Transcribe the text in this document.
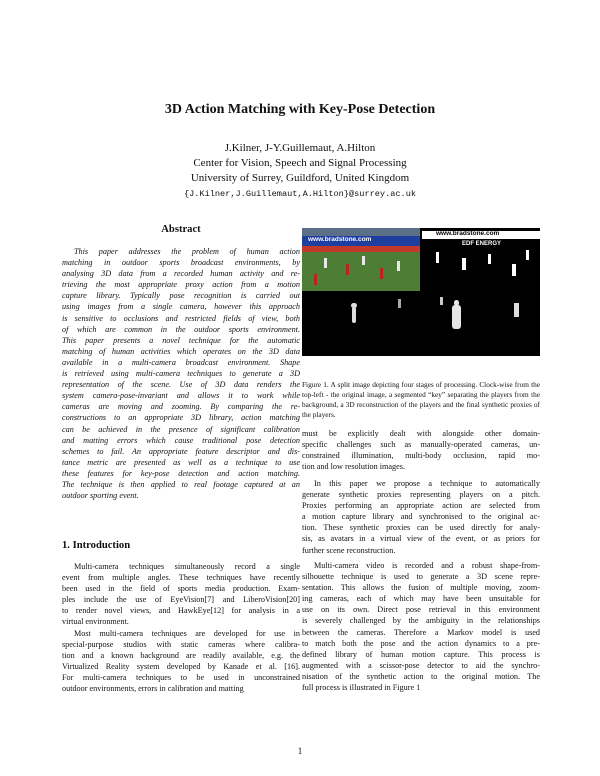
3D Action Matching with Key-Pose Detection
J.Kilner, J-Y.Guillemaut, A.Hilton
Center for Vision, Speech and Signal Processing
University of Surrey, Guildford, United Kingdom
{J.Kilner,J.Guillemaut,A.Hilton}@surrey.ac.uk
Abstract
This paper addresses the problem of human action
matching in outdoor sports broadcast environments, by
analysing 3D data from a recorded human activity and re-
trieving the most appropriate proxy action from a motion
capture library. Typically pose recognition is carried out
using images from a single camera, however this approach
is sensitive to occlusions and restricted fields of view, both
of which are common in the outdoor sports environment.
This paper presents a novel technique for the automatic
matching of human activities which operates on the 3D data
available in a multi-camera broadcast environment. Shape
is retrieved using multi-camera techniques to generate a 3D
representation of the scene. Use of 3D data renders the
system camera-pose-invariant and allows it to work while
cameras are moving and zooming. By comparing the re-
constructions to an appropriate 3D library, action matching
can be achieved in the presence of significant calibration
and matting errors which cause traditional pose detection
schemes to fail. An appropriate feature descriptor and dis-
tance metric are presented as well as a technique to use
these features for key-pose detection and action matching.
The technique is then applied to real footage captured at an
outdoor sporting event.
1. Introduction
Multi-camera techniques simultaneously record a single
event from multiple angles. These techniques have recently
been used in the field of sports media production. Exam-
ples include the use of EyeVision[7] and LiberoVision[20]
to render novel views, and HawkEye[12] for analysis in a
virtual environment.
Most multi-camera techniques are developed for use in
special-purpose studios with static cameras where calibra-
tion and a known background are readily available, e.g. the
Virtualized Reality system developed by Kanade et al. [16].
For multi-camera techniques to be used in unconstrained
outdoor environments, errors in calibration and matting
www.bradstone.com
www.bradstone.com
EDF ENERGY
Figure 1. A split image depicting four stages of processing. Clock-wise from the top-left - the original image, a segmented “key” separating the players from the background, a 3D reconstruction of the players and the final synthetic proxies of the players.
must be explicitly dealt with alongside other domain-
specific challenges such as manually-operated cameras, un-
constrained illumination, multi-body occlusion, rapid mo-
tion and low resolution images.
In this paper we propose a technique to automatically
generate synthetic proxies representing players on a pitch.
Proxies performing an appropriate action are selected from
a motion capture library and synchronised to the original ac-
tion. These synthetic proxies can be used directly for analy-
sis, as avatars in a virtual view of the event, or as priors for
further scene reconstruction.
Multi-camera video is recorded and a robust shape-from-
silhouette technique is used to generate a 3D scene repre-
sentation. This allows the fusion of multiple moving, zoom-
ing cameras, each of which may have been unsuitable for
use on its own. Direct pose retrieval in this environment
is severely challenged by the ambiguity in the relationships
between the cameras. Therefore a Markov model is used
to match both the pose and the action dynamics to a pre-
defined library of human motion capture. This process is
augmented with a scissor-pose detector to aid the synchro-
nisation of the synthetic action to the original motion. The
full process is illustrated in Figure 1
1
